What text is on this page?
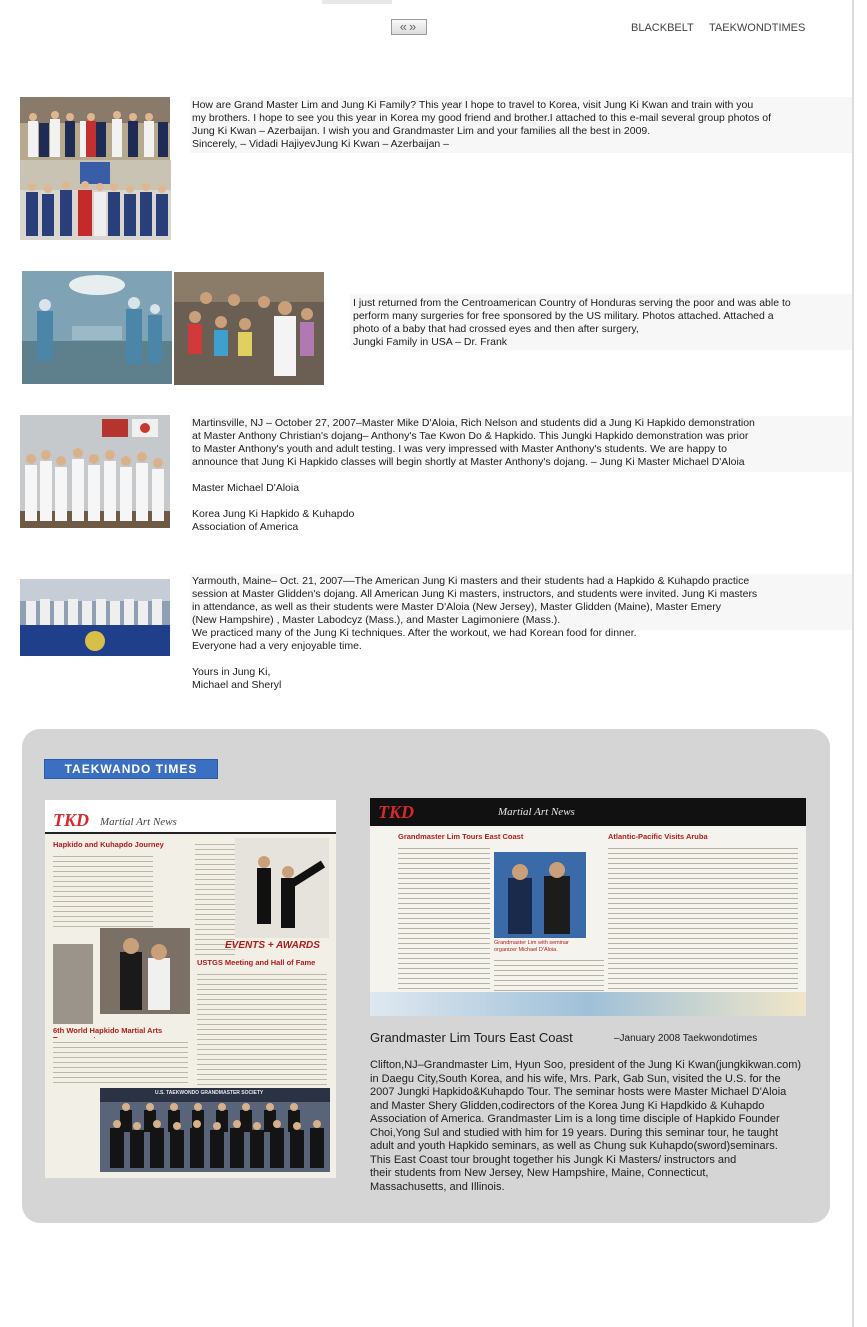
« »	BLACKBELT TAEKWONDTIMES
How are Grand Master Lim and Jung Ki Family? This year I hope to travel to Korea, visit Jung Ki Kwan and train with you
my brothers. I hope to see you this year in Korea my good friend and brother.I attached to this e-mail several group photos of
Jung Ki Kwan – Azerbaijan. I wish you and Grandmaster Lim and your families all the best in 2009.
Sincerely, – Vidadi HajiyevJung Ki Kwan – Azerbaijan –
I just returned from the Centroamerican Country of Honduras serving the poor and was able to
perform many surgeries for free sponsored by the US military. Photos attached. Attached a
photo of a baby that had crossed eyes and then after surgery,
Jungki Family in USA – Dr. Frank
Martinsville, NJ – October 27, 2007–Master Mike D'Aloia, Rich Nelson and students did a Jung Ki Hapkido demonstration
at Master Anthony Christian's dojang– Anthony's Tae Kwon Do & Hapkido. This Jungki Hapkido demonstration was prior
to Master Anthony's youth and adult testing. I was very impressed with Master Anthony's students. We are happy to
announce that Jung Ki Hapkido classes will begin shortly at Master Anthony's dojang. – Jung Ki Master Michael D'Aloia

Master Michael D'Aloia

Korea Jung Ki Hapkido & Kuhapdo
Association of America
Yarmouth, Maine– Oct. 21, 2007––The American Jung Ki masters and their students had a Hapkido & Kuhapdo practice
session at Master Glidden's dojang. All American Jung Ki masters, instructors, and students were invited. Jung Ki masters
in attendance, as well as their students were Master D'Aloia (New Jersey), Master Glidden (Maine), Master Emery
(New Hampshire) , Master Labodcyz (Mass.), and Master Lagimoniere (Mass.).
We practiced many of the Jung Ki techniques. After the workout, we had Korean food for dinner.
Everyone had a very enjoyable time.

Yours in Jung Ki,
Michael and Sheryl
TAEKWANDO TIMES
TKD Martial Art News
Hapkido and Kuhapdo Journey
EVENTS + AWARDS
USTGS Meeting and Hall of Fame
6th World Hapkido Martial Arts
U.S. TAEKWONDO GRANDMASTER SOCIETY
TKD	Martial Art News
Grandmaster Lim Tours East Coast	Atlantic-Pacific Visits Aruba
Grandmaster Lim with seminar organizer Michael D'Aloia.
Grandmaster Lim Tours East Coast	–January 2008 Taekwondotimes
Clifton,NJ–Grandmaster Lim, Hyun Soo, president of the Jung Ki Kwan(jungkikwan.com)
in Daegu City,South Korea, and his wife, Mrs. Park, Gab Sun, visited the U.S. for the
2007 Jungki Hapkido&Kuhapdo Tour. The seminar hosts were Master Michael D'Aloia
and Master Shery Glidden,codirectors of the Korea Jung Ki Hapdkido & Kuhapdo
Association of America. Grandmaster Lim is a long time disciple of Hapkido Founder
Choi,Yong Sul and studied with him for 19 years. During this seminar tour, he taught
adult and youth Hapkido seminars, as well as Chung suk Kuhapdo(sword)seminars.
This East Coast tour brought together his Jungk Ki Masters/ instructors and
their students from New Jersey, New Hampshire, Maine, Connecticut,
Massachusetts, and Illinois.
